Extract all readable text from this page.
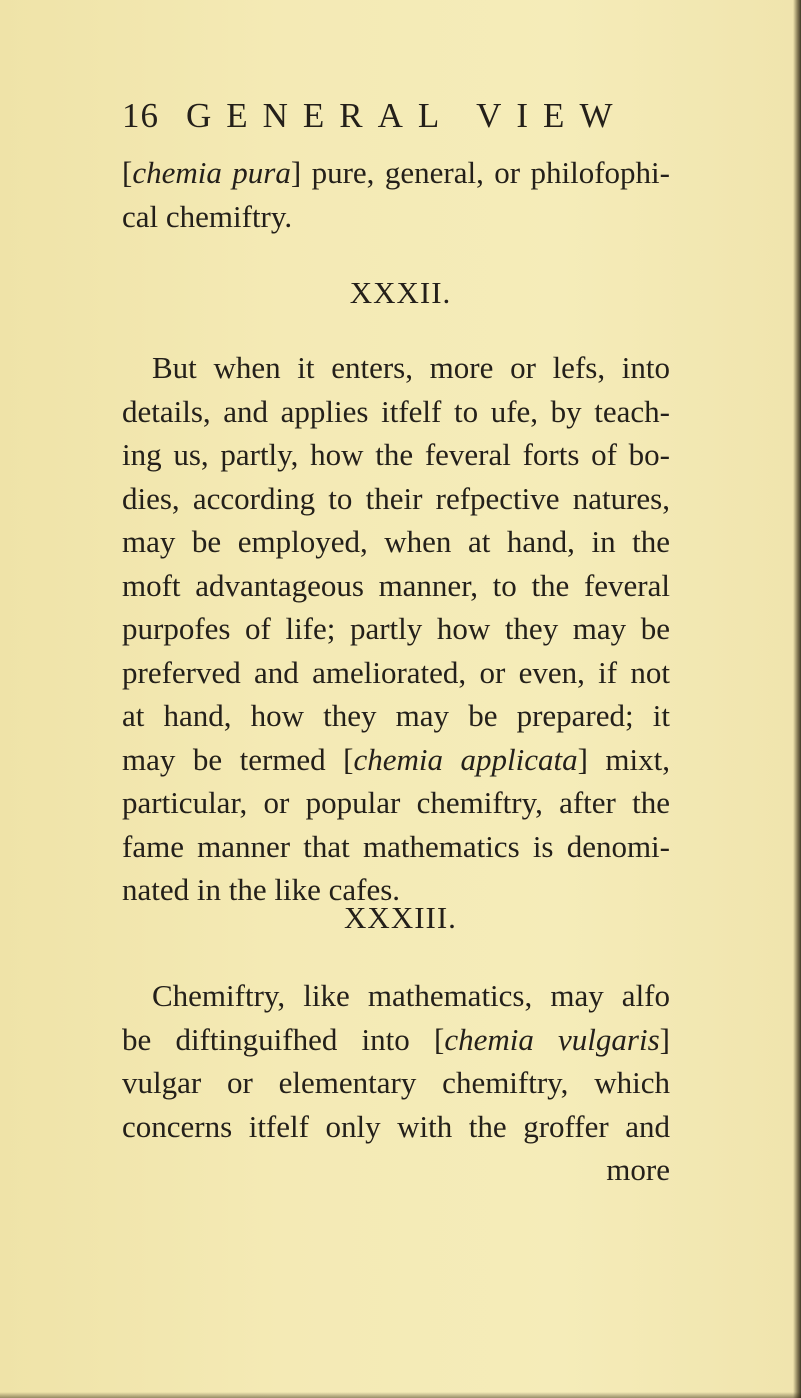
16 GENERAL VIEW
[chemia pura] pure, general, or philofophi-
cal chemiftry.
XXXII.
But when it enters, more or lefs, into
details, and applies itfelf to ufe, by teach-
ing us, partly, how the feveral forts of bo-
dies, according to their refpective natures,
may be employed, when at hand, in the
moft advantageous manner, to the feveral
purpofes of life; partly how they may be
preferved and ameliorated, or even, if not
at hand, how they may be prepared; it
may be termed [chemia applicata] mixt,
particular, or popular chemiftry, after the
fame manner that mathematics is denomi-
nated in the like cafes.
XXXIII.
Chemiftry, like mathematics, may alfo
be diftinguifhed into [chemia vulgaris]
vulgar or elementary chemiftry, which
concerns itfelf only with the groffer and
more
